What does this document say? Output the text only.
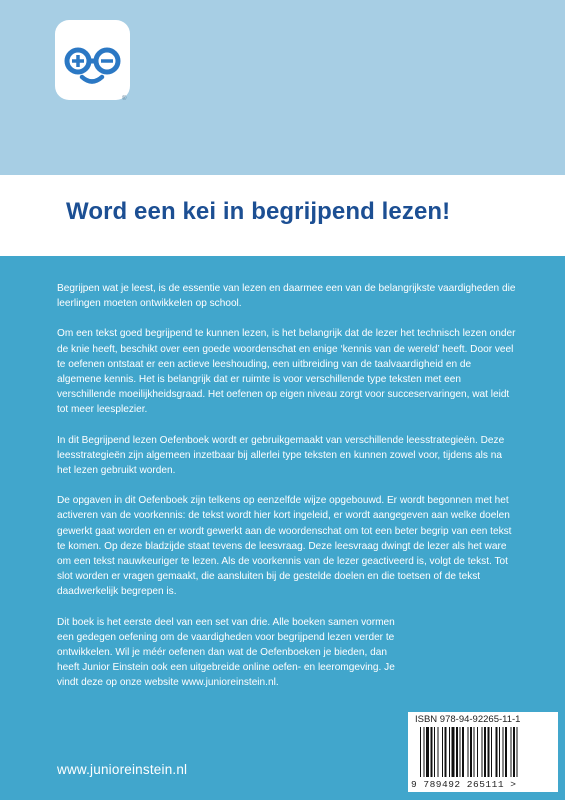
®
Word een kei in begrijpend lezen!

Begrijpen wat je leest, is de essentie van lezen en daarmee een van de belangrijkste vaardigheden die leerlingen moeten ontwikkelen op school.

Om een tekst goed begrijpend te kunnen lezen, is het belangrijk dat de lezer het technisch lezen onder de knie heeft, beschikt over een goede woordenschat en enige ‘kennis van de wereld’ heeft. Door veel te oefenen ontstaat er een actieve leeshouding, een uitbreiding van de taalvaardigheid en de algemene kennis. Het is belangrijk dat er ruimte is voor verschillende type teksten met een verschillende moeilijkheidsgraad. Het oefenen op eigen niveau zorgt voor succeservaringen, wat leidt tot meer leesplezier.

In dit Begrijpend lezen Oefenboek wordt er gebruikgemaakt van verschillende leesstrategieën. Deze leesstrategieën zijn algemeen inzetbaar bij allerlei type teksten en kunnen zowel voor, tijdens als na het lezen gebruikt worden.

De opgaven in dit Oefenboek zijn telkens op eenzelfde wijze opgebouwd. Er wordt begonnen met het activeren van de voorkennis: de tekst wordt hier kort ingeleid, er wordt aangegeven aan welke doelen gewerkt gaat worden en er wordt gewerkt aan de woordenschat om tot een beter begrip van een tekst te komen. Op deze bladzijde staat tevens de leesvraag. Deze leesvraag dwingt de lezer als het ware om een tekst nauwkeuriger te lezen. Als de voorkennis van de lezer geactiveerd is, volgt de tekst. Tot slot worden er vragen gemaakt, die aansluiten bij de gestelde doelen en die toetsen of de tekst daadwerkelijk begrepen is.

Dit boek is het eerste deel van een set van drie. Alle boeken samen vormen een gedegen oefening om de vaardigheden voor begrijpend lezen verder te ontwikkelen. Wil je méér oefenen dan wat de Oefenboeken je bieden, dan heeft Junior Einstein ook een uitgebreide online oefen- en leeromgeving. Je vindt deze op onze website www.junioreinstein.nl.

www.junioreinstein.nl
ISBN 978-94-92265-11-1
9 789492 265111 >
